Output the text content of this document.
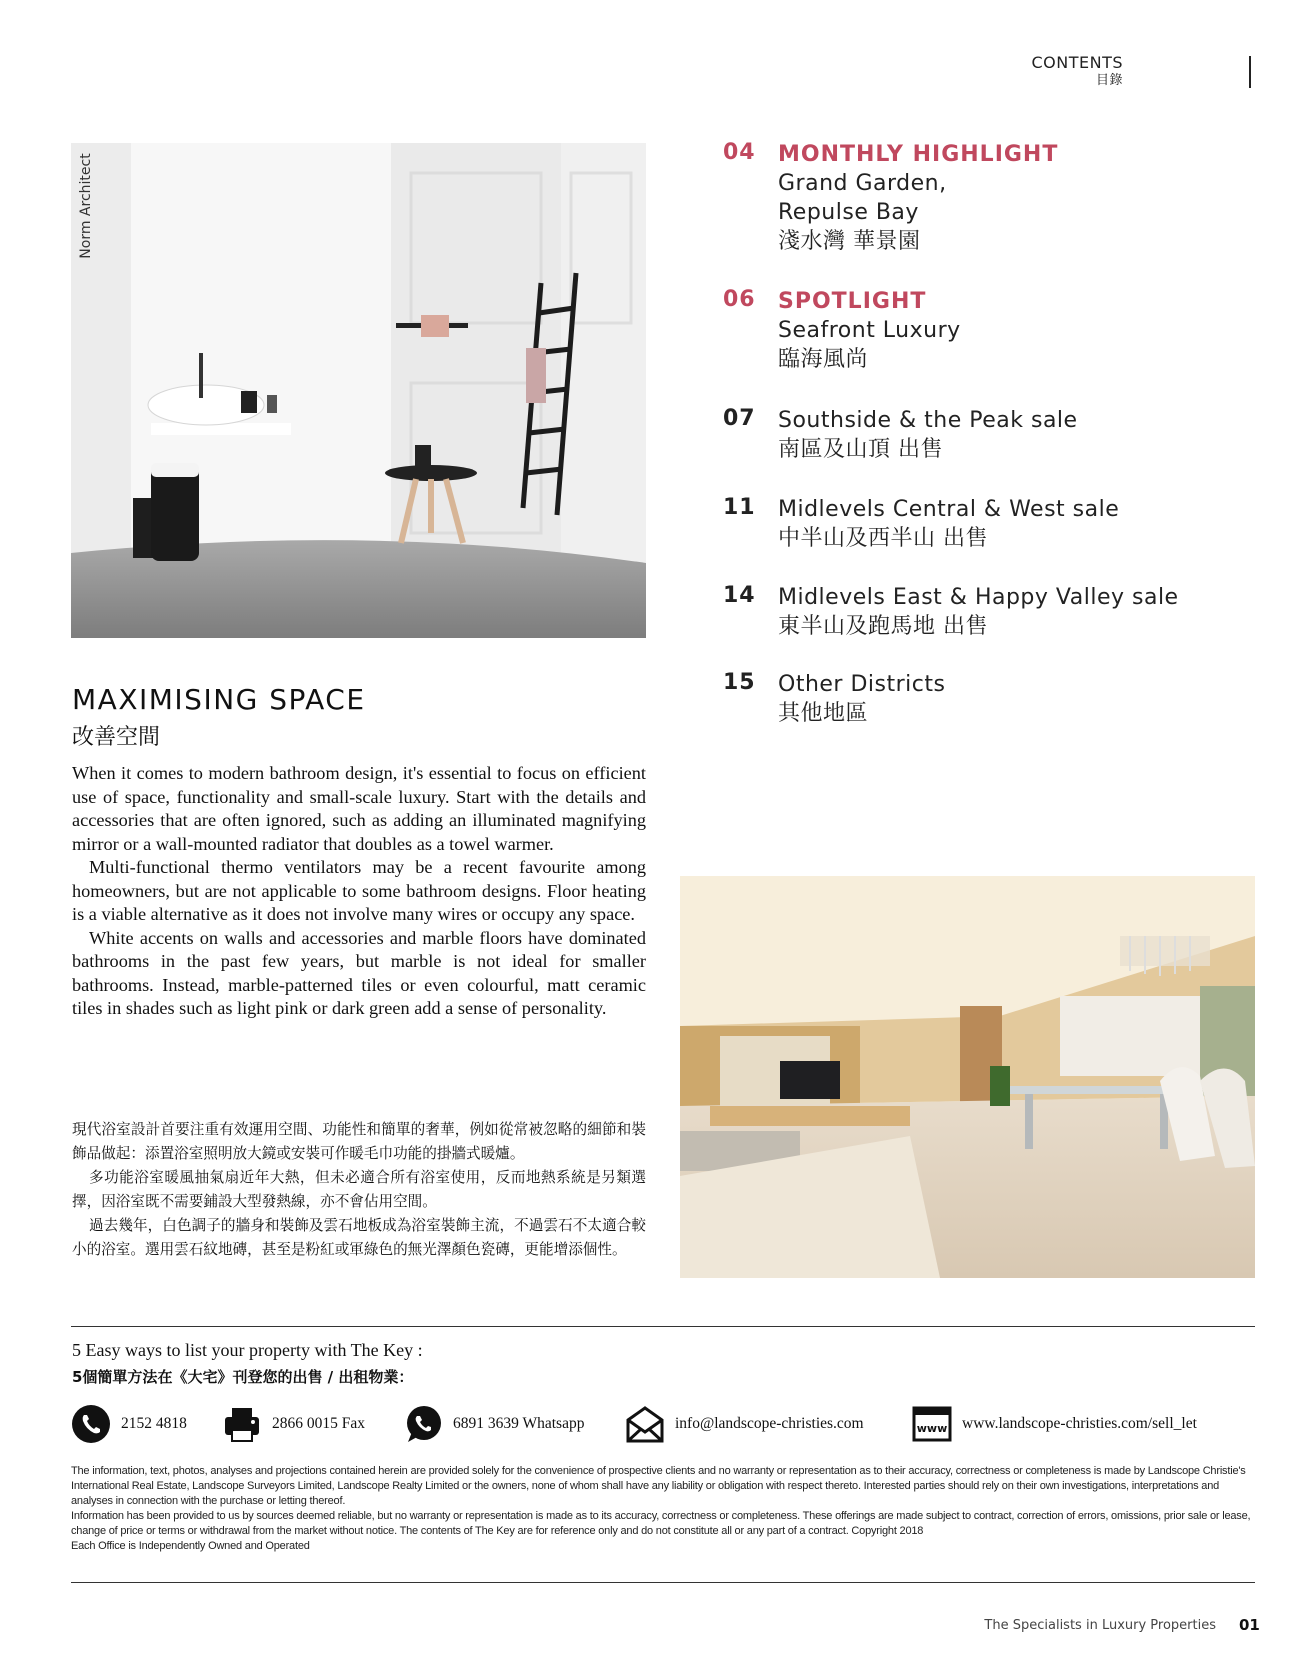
CONTENTS
目錄
Norm Architect
04	MONTHLY HIGHLIGHT
Grand Garden,
Repulse Bay
淺水灣 華景園
06	SPOTLIGHT
Seafront Luxury
臨海風尚
07	Southside & the Peak sale
南區及山頂 出售
11	Midlevels Central & West sale
中半山及西半山 出售
14	Midlevels East & Happy Valley sale
東半山及跑馬地 出售
15	Other Districts
其他地區
MAXIMISING SPACE
改善空間

When it comes to modern bathroom design, it's essential to focus on efficient use of space, functionality and small-scale luxury. Start with the details and accessories that are often ignored, such as adding an illuminated magnifying mirror or a wall-mounted radiator that doubles as a towel warmer.

Multi-functional thermo ventilators may be a recent favourite among homeowners, but are not applicable to some bathroom designs. Floor heating is a viable alternative as it does not involve many wires or occupy any space.

White accents on walls and accessories and marble floors have dominated bathrooms in the past few years, but marble is not ideal for smaller bathrooms. Instead, marble-patterned tiles or even colourful, matt ceramic tiles in shades such as light pink or dark green add a sense of personality.

現代浴室設計首要注重有效運用空間、功能性和簡單的奢華，例如從常被忽略的細節和裝飾品做起：添置浴室照明放大鏡或安裝可作暖毛巾功能的掛牆式暖爐。

多功能浴室暖風抽氣扇近年大熱，但未必適合所有浴室使用，反而地熱系統是另類選擇，因浴室既不需要鋪設大型發熱線，亦不會佔用空間。

過去幾年，白色調子的牆身和裝飾及雲石地板成為浴室裝飾主流，不過雲石不太適合較小的浴室。選用雲石紋地磚，甚至是粉紅或軍綠色的無光澤顏色瓷磚，更能增添個性。

5 Easy ways to list your property with The Key :
5個簡單方法在《大宅》刊登您的出售 / 出租物業：
2152 4818	2866 0015 Fax	6891 3639 Whatsapp	info@landscope-christies.com	www www.landscope-christies.com/sell_let

The information, text, photos, analyses and projections contained herein are provided solely for the convenience of prospective clients and no warranty or representation as to their accuracy, correctness or completeness is made by Landscope Christie's International Real Estate, Landscope Surveyors Limited, Landscope Realty Limited or the owners, none of whom shall have any liability or obligation with respect thereto. Interested parties should rely on their own investigations, interpretations and analyses in connection with the purchase or letting thereof.

Information has been provided to us by sources deemed reliable, but no warranty or representation is made as to its accuracy, correctness or completeness. These offerings are made subject to contract, correction of errors, omissions, prior sale or lease, change of price or terms or withdrawal from the market without notice. The contents of The Key are for reference only and do not constitute all or any part of a contract. Copyright 2018

Each Office is Independently Owned and Operated

The Specialists in Luxury Properties 01
